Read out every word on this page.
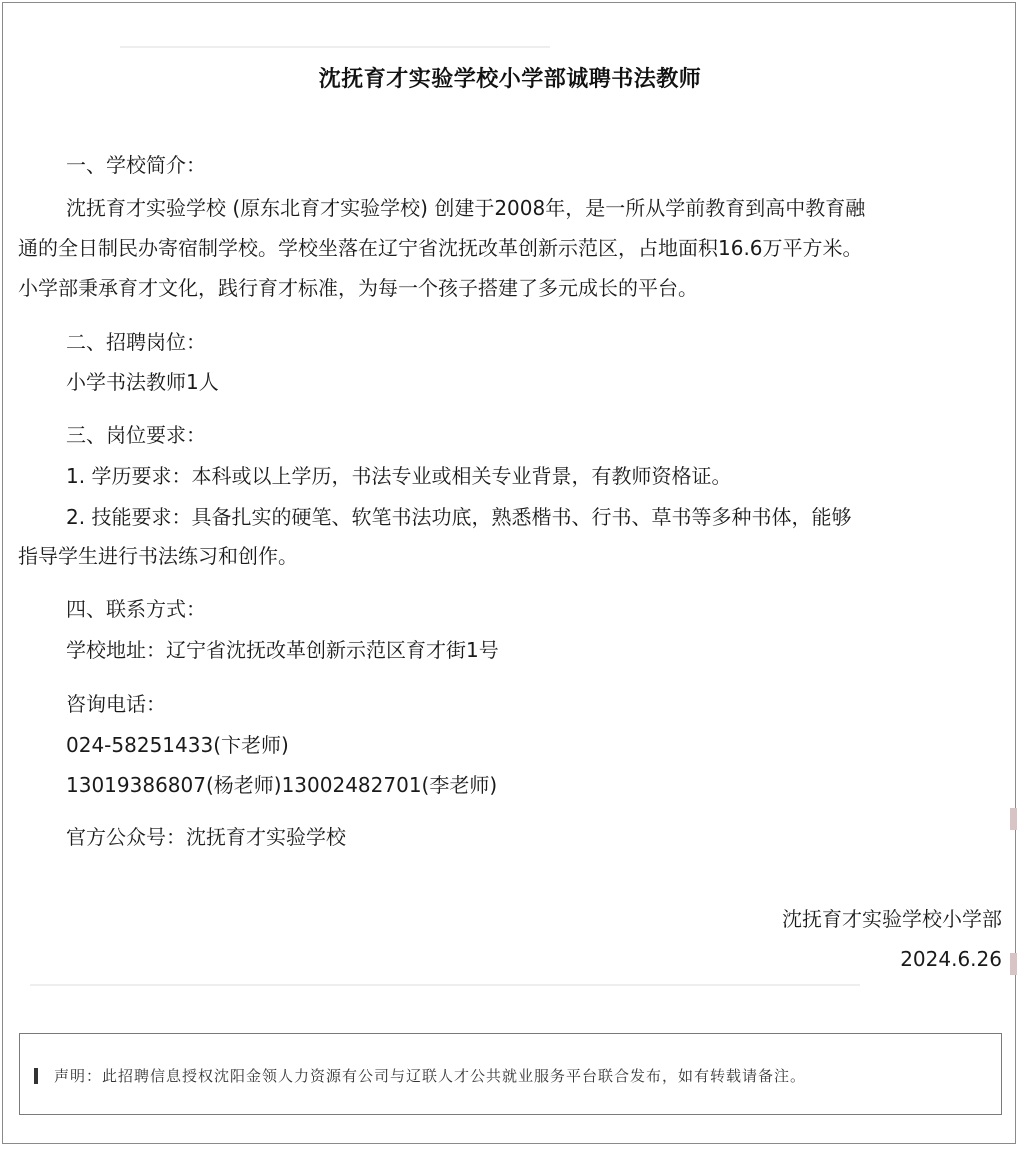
沈抚育才实验学校小学部诚聘书法教师
一、学校简介：
沈抚育才实验学校 (原东北育才实验学校) 创建于2008年，是一所从学前教育到高中教育融
通的全日制民办寄宿制学校。学校坐落在辽宁省沈抚改革创新示范区，占地面积16.6万平方米。
小学部秉承育才文化，践行育才标准，为每一个孩子搭建了多元成长的平台。
二、招聘岗位：
小学书法教师1人
三、岗位要求：
1. 学历要求：本科或以上学历，书法专业或相关专业背景，有教师资格证。
2. 技能要求：具备扎实的硬笔、软笔书法功底，熟悉楷书、行书、草书等多种书体，能够
指导学生进行书法练习和创作。
四、联系方式：
学校地址：辽宁省沈抚改革创新示范区育才街1号
咨询电话：
024-58251433(卞老师)
13019386807(杨老师)13002482701(李老师)
官方公众号：沈抚育才实验学校
沈抚育才实验学校小学部
2024.6.26
声明：此招聘信息授权沈阳金领人力资源有公司与辽联人才公共就业服务平台联合发布，如有转载请备注。
